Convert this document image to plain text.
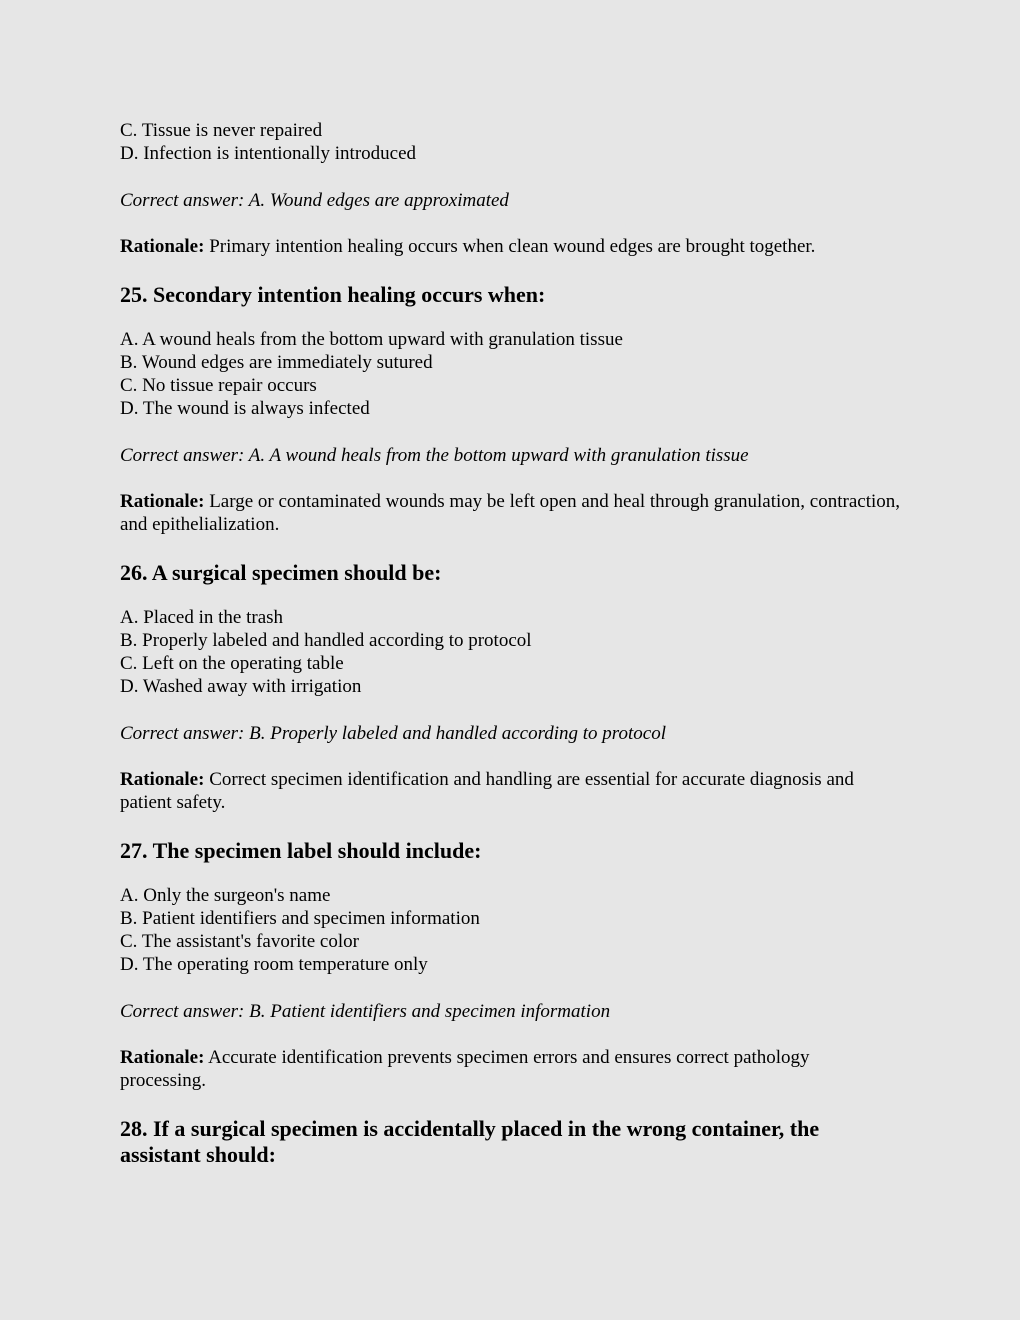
C. Tissue is never repaired

D. Infection is intentionally introduced

Correct answer: A. Wound edges are approximated

Rationale: Primary intention healing occurs when clean wound edges are brought together.

25. Secondary intention healing occurs when:

A. A wound heals from the bottom upward with granulation tissue

B. Wound edges are immediately sutured

C. No tissue repair occurs

D. The wound is always infected

Correct answer: A. A wound heals from the bottom upward with granulation tissue

Rationale: Large or contaminated wounds may be left open and heal through granulation, contraction, and epithelialization.

26. A surgical specimen should be:

A. Placed in the trash

B. Properly labeled and handled according to protocol

C. Left on the operating table

D. Washed away with irrigation

Correct answer: B. Properly labeled and handled according to protocol

Rationale: Correct specimen identification and handling are essential for accurate diagnosis and patient safety.

27. The specimen label should include:

A. Only the surgeon's name

B. Patient identifiers and specimen information

C. The assistant's favorite color

D. The operating room temperature only

Correct answer: B. Patient identifiers and specimen information

Rationale: Accurate identification prevents specimen errors and ensures correct pathology processing.

28. If a surgical specimen is accidentally placed in the wrong container, the assistant should:
